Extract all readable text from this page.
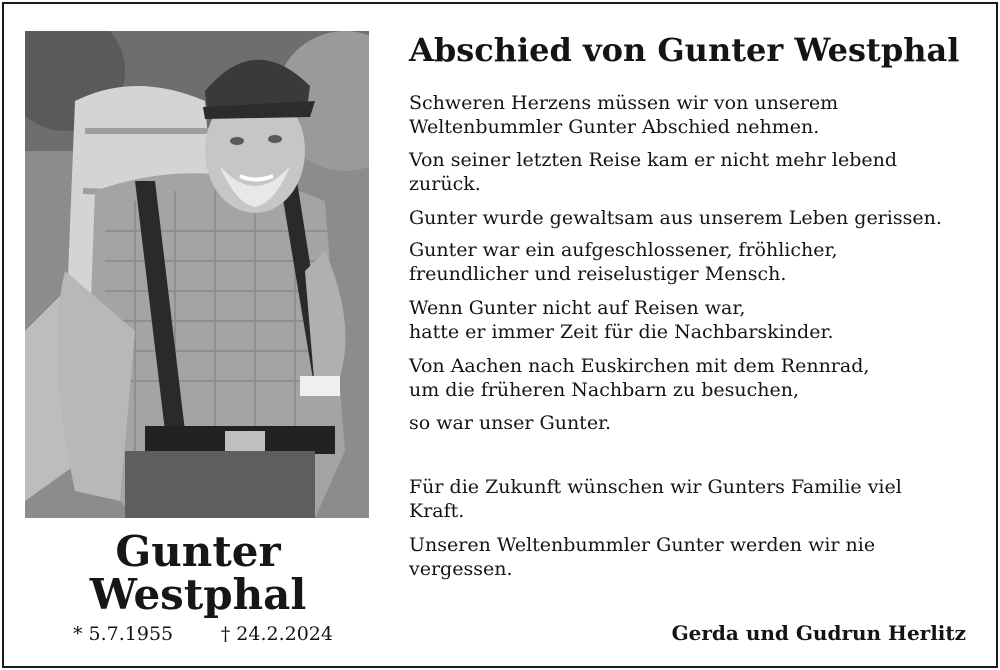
Gunter
Westphal
* 5.7.1955	† 24.2.2024
Abschied von Gunter Westphal
Schweren Herzens müssen wir von unserem
Weltenbummler Gunter Abschied nehmen.
Von seiner letzten Reise kam er nicht mehr lebend
zurück.
Gunter wurde gewaltsam aus unserem Leben gerissen.
Gunter war ein aufgeschlossener, fröhlicher,
freundlicher und reiselustiger Mensch.
Wenn Gunter nicht auf Reisen war,
hatte er immer Zeit für die Nachbarskinder.
Von Aachen nach Euskirchen mit dem Rennrad,
um die früheren Nachbarn zu besuchen,
so war unser Gunter.
Für die Zukunft wünschen wir Gunters Familie viel
Kraft.
Unseren Weltenbummler Gunter werden wir nie
vergessen.
Gerda und Gudrun Herlitz
